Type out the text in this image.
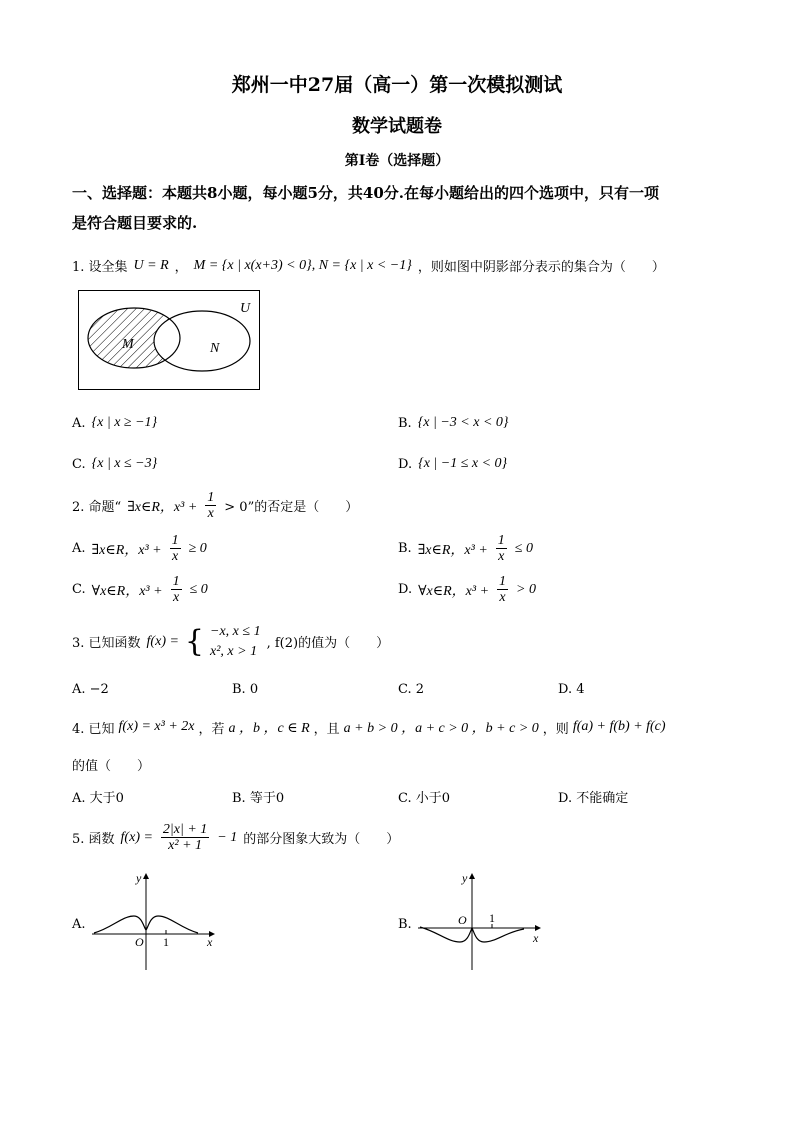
郑州一中27届（高一）第一次模拟测试
数学试题卷
第I卷（选择题）
一、选择题：本题共8小题，每小题5分，共40分.在每小题给出的四个选项中，只有一项
是符合题目要求的.
1. 设全集 U = R ， M = {x | x(x+3) < 0}, N = {x | x < −1} ，则如图中阴影部分表示的集合为（　　）
U
M	N
A. {x | x ≥ −1}	B. {x | −3 < x < 0}
C. {x | x ≤ −3}	D. {x | −1 ≤ x < 0}
2. 命题“ ∃x∈R，$x^3 + \frac{1}{x} > 0$”的否定是（　　）
A. ∃x∈R，$x^3 + \frac{1}{x} \ge 0$	B. ∃x∈R，$x^3 + \frac{1}{x} \le 0$
C. ∀x∈R，$x^3 + \frac{1}{x} \le 0$	D. ∀x∈R，$x^3 + \frac{1}{x} > 0$
3. 已知函数 f(x) = { −x, x ≤ 1
x², x > 1 , f(2)的值为（　　）
A. −2	B. 0	C. 2	D. 4
4. 已知 f(x) = x³ + 2x ，若 a ，b ，c ∈ R ，且 a + b > 0 ，a + c > 0 ，b + c > 0 ，则 f(a) + f(b) + f(c)
的值（　　）
A. 大于0	B. 等于0	C. 小于0	D. 不能确定
5. 函数 $f(x) = \frac{2|x| + 1}{\text{x² + 1}} - 1$ 的部分图象大致为（　　）
A.
y
x
O 1
B.
y
x
O 1
